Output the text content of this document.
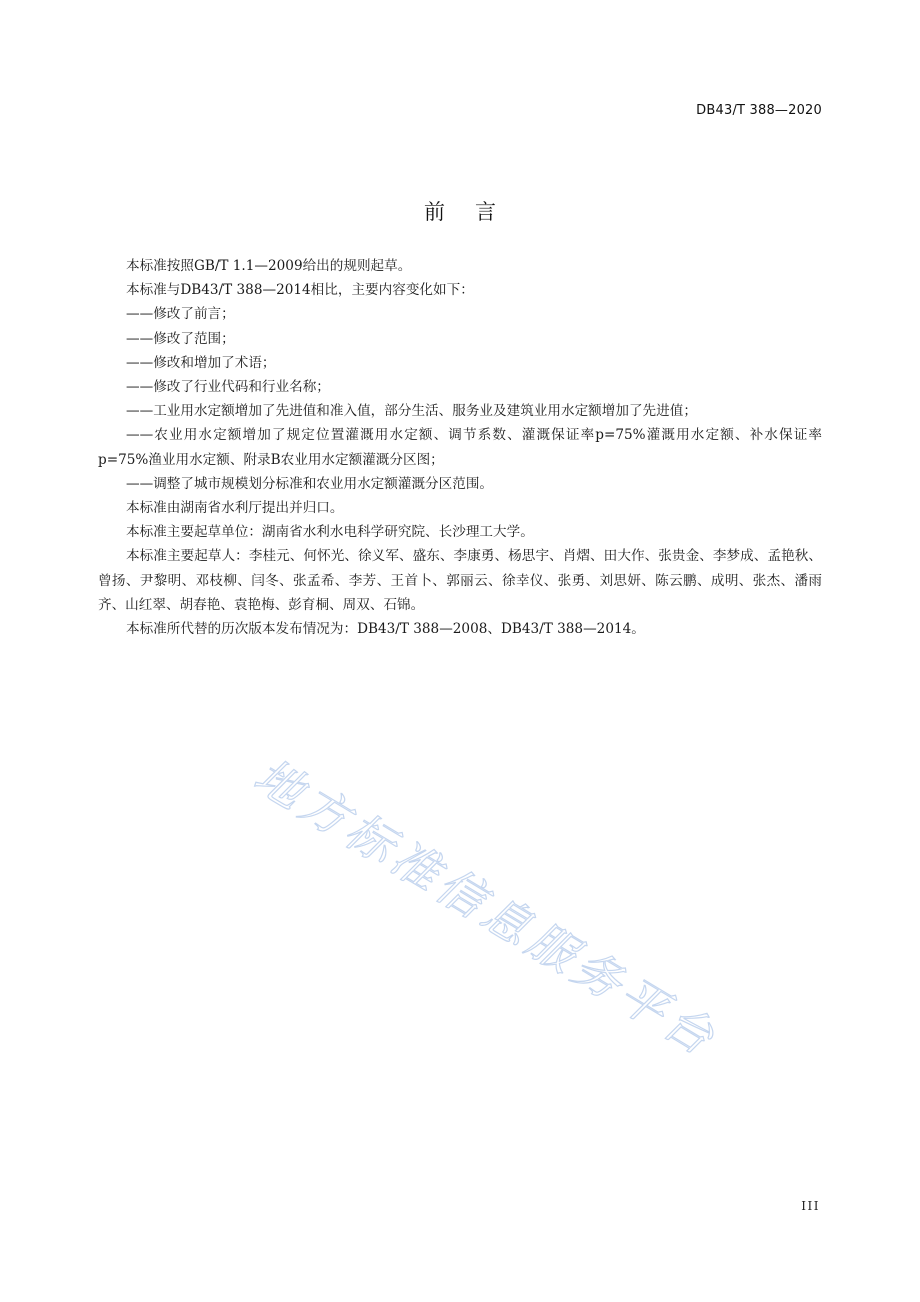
DB43/T 388—2020
前言

本标准按照GB/T 1.1—2009给出的规则起草。

本标准与DB43/T 388—2014相比，主要内容变化如下：

——修改了前言；

——修改了范围；

——修改和增加了术语；

——修改了行业代码和行业名称；

——工业用水定额增加了先进值和准入值，部分生活、服务业及建筑业用水定额增加了先进值；

——农业用水定额增加了规定位置灌溉用水定额、调节系数、灌溉保证率p=75%灌溉用水定额、补水保证率p=75%渔业用水定额、附录B农业用水定额灌溉分区图；

——调整了城市规模划分标准和农业用水定额灌溉分区范围。

本标准由湖南省水利厅提出并归口。

本标准主要起草单位：湖南省水利水电科学研究院、长沙理工大学。

本标准主要起草人：李桂元、何怀光、徐义军、盛东、李康勇、杨思宇、肖熠、田大作、张贵金、李梦成、孟艳秋、曾扬、尹黎明、邓枝柳、闫冬、张孟希、李芳、王首卜、郭丽云、徐幸仪、张勇、刘思妍、陈云鹏、成明、张杰、潘雨齐、山红翠、胡春艳、袁艳梅、彭育桐、周双、石锦。

本标准所代替的历次版本发布情况为：DB43/T 388—2008、DB43/T 388—2014。

地方标准信息服务平台
III
